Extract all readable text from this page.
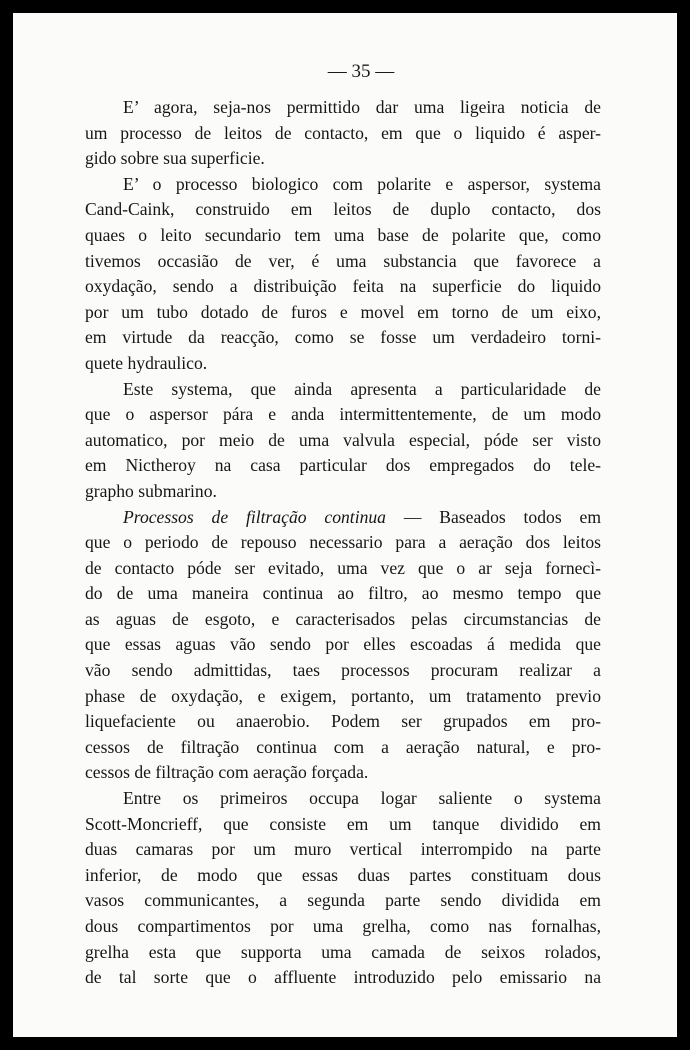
— 35 —
E’ agora, seja-nos permittido dar uma ligeira noticia de
um processo de leitos de contacto, em que o liquido é asper-
gido sobre sua superficie.
E’ o processo biologico com polarite e aspersor, systema
Cand-Caink, construido em leitos de duplo contacto, dos
quaes o leito secundario tem uma base de polarite que, como
tivemos occasião de ver, é uma substancia que favorece a
oxydação, sendo a distribuição feita na superficie do liquido
por um tubo dotado de furos e movel em torno de um eixo,
em virtude da reacção, como se fosse um verdadeiro torni-
quete hydraulico.
Este systema, que ainda apresenta a particularidade de
que o aspersor pára e anda intermittentemente, de um modo
automatico, por meio de uma valvula especial, póde ser visto
em Nictheroy na casa particular dos empregados do tele-
grapho submarino.
Processos de filtração continua — Baseados todos em
que o periodo de repouso necessario para a aeração dos leitos
de contacto póde ser evitado, uma vez que o ar seja fornecì-
do de uma maneira continua ao filtro, ao mesmo tempo que
as aguas de esgoto, e caracterisados pelas circumstancias de
que essas aguas vão sendo por elles escoadas á medida que
vão sendo admittidas, taes processos procuram realizar a
phase de oxydação, e exigem, portanto, um tratamento previo
liquefaciente ou anaerobio. Podem ser grupados em pro-
cessos de filtração continua com a aeração natural, e pro-
cessos de filtração com aeração forçada.
Entre os primeiros occupa logar saliente o systema
Scott-Moncrieff, que consiste em um tanque dividido em
duas camaras por um muro vertical interrompido na parte
inferior, de modo que essas duas partes constituam dous
vasos communicantes, a segunda parte sendo dividida em
dous compartimentos por uma grelha, como nas fornalhas,
grelha esta que supporta uma camada de seixos rolados,
de tal sorte que o affluente introduzido pelo emissario na
